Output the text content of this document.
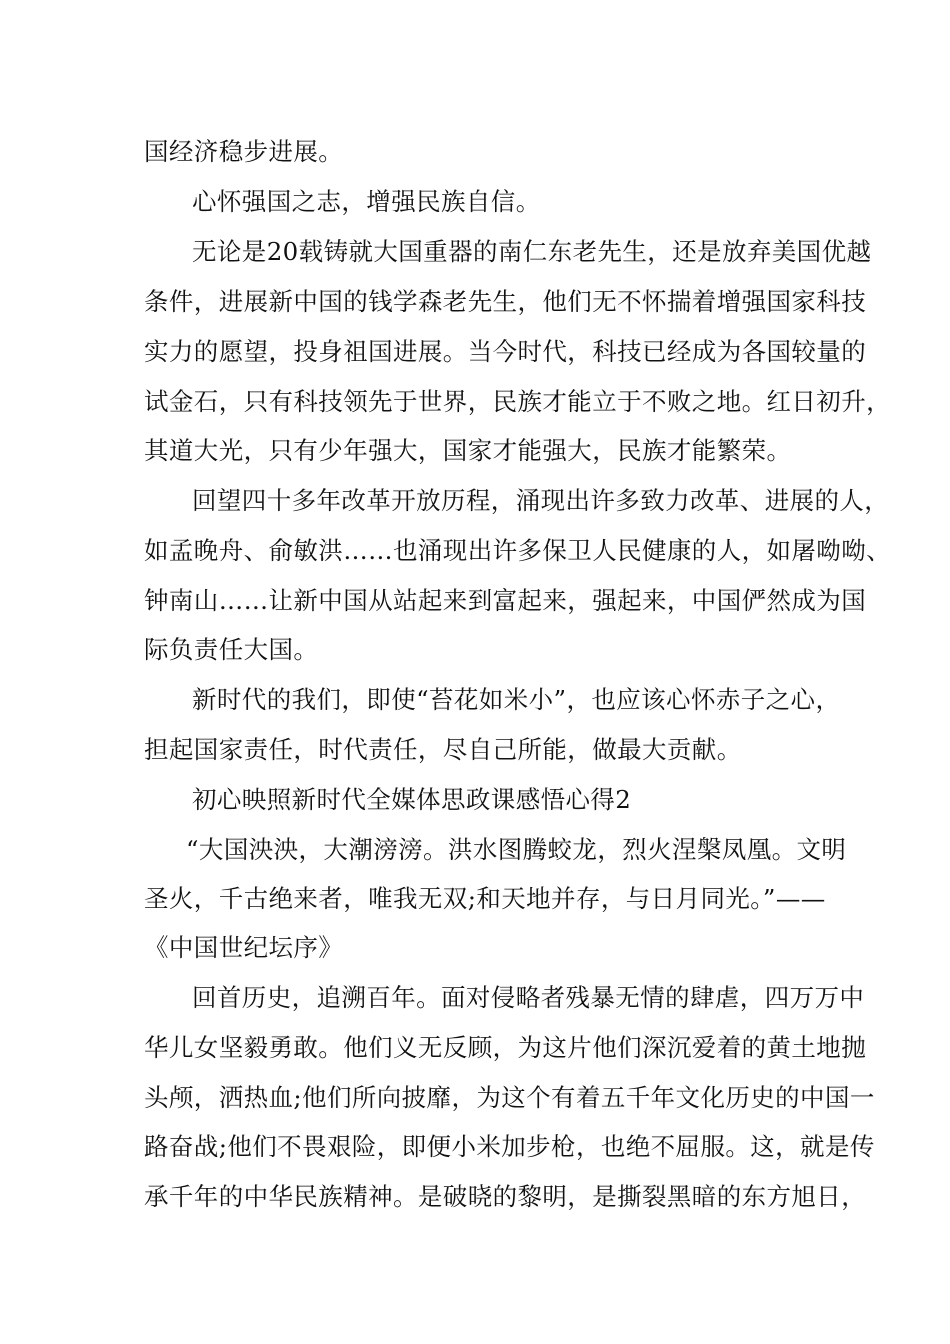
国经济稳步进展。
心怀强国之志，增强民族自信。
无论是20载铸就大国重器的南仁东老先生，还是放弃美国优越
条件，进展新中国的钱学森老先生，他们无不怀揣着增强国家科技
实力的愿望，投身祖国进展。当今时代，科技已经成为各国较量的
试金石，只有科技领先于世界，民族才能立于不败之地。红日初升，
其道大光，只有少年强大，国家才能强大，民族才能繁荣。
回望四十多年改革开放历程，涌现出许多致力改革、进展的人，
如孟晚舟、俞敏洪……也涌现出许多保卫人民健康的人，如屠呦呦、
钟南山……让新中国从站起来到富起来，强起来，中国俨然成为国
际负责任大国。
新时代的我们，即使“苔花如米小”，也应该心怀赤子之心，
担起国家责任，时代责任，尽自己所能，做最大贡献。
初心映照新时代全媒体思政课感悟心得2
“大国泱泱，大潮滂滂。洪水图腾蛟龙，烈火涅槃凤凰。文明
圣火，千古绝来者，唯我无双;和天地并存，与日月同光。”——
《中国世纪坛序》
回首历史，追溯百年。面对侵略者残暴无情的肆虐，四万万中
华儿女坚毅勇敢。他们义无反顾，为这片他们深沉爱着的黄土地抛
头颅，洒热血;他们所向披靡，为这个有着五千年文化历史的中国一
路奋战;他们不畏艰险，即便小米加步枪，也绝不屈服。这，就是传
承千年的中华民族精神。是破晓的黎明，是撕裂黑暗的东方旭日，
